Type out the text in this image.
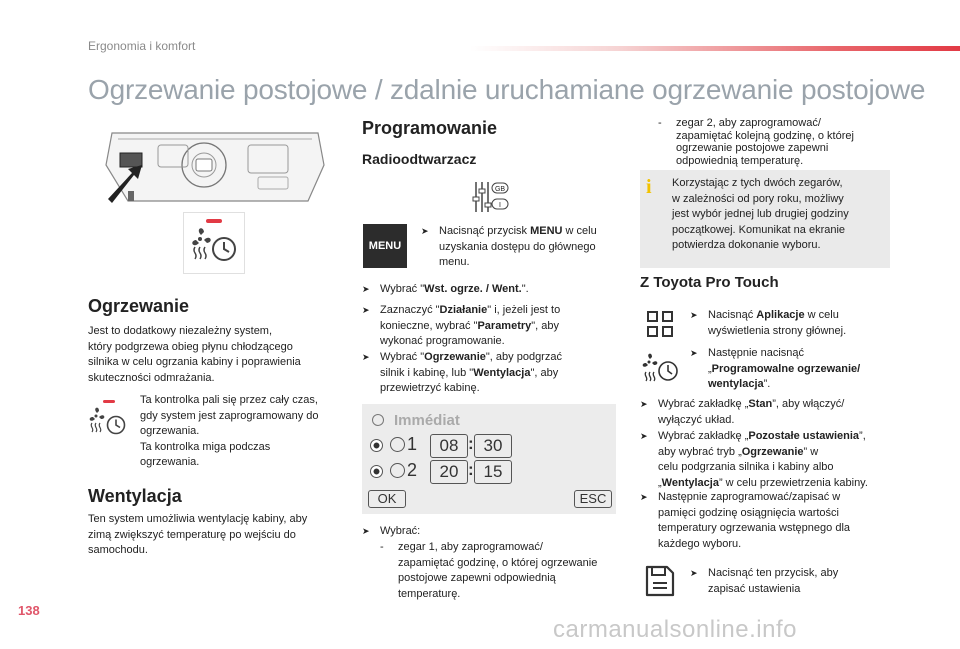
Ergonomia i komfort
Ogrzewanie postojowe / zdalnie uruchamiane ogrzewanie postojowe
Ogrzewanie
Jest to dodatkowy niezależny system,
który podgrzewa obieg płynu chłodzącego
silnika w celu ogrzania kabiny i poprawienia
skuteczności odmrażania.
Ta kontrolka pali się przez cały czas,
gdy system jest zaprogramowany do
ogrzewania.
Ta kontrolka miga podczas
ogrzewania.
Wentylacja
Ten system umożliwia wentylację kabiny, aby
zimą zwiększyć temperaturę po wejściu do
samochodu.
Programowanie
Radioodtwarzacz
GB
I
MENU
➤ Nacisnąć przycisk MENU w celu
uzyskania dostępu do głównego
menu.
➤ Wybrać "Wst. ogrze. / Went.".
➤ Zaznaczyć "Działanie" i, jeżeli jest to
konieczne, wybrać "Parametry", aby
wykonać programowanie.
➤ Wybrać "Ogrzewanie", aby podgrzać
silnik i kabinę, lub "Wentylacja", aby
przewietrzyć kabinę.
Immédiat
1	08 : 30
2	20 : 15
OK	ESC
➤ Wybrać:
- zegar 1, aby zaprogramować/
zapamiętać godzinę, o której ogrzewanie
postojowe zapewni odpowiednią
temperaturę.
- zegar 2, aby zaprogramować/
zapamiętać kolejną godzinę, o której
ogrzewanie postojowe zapewni
odpowiednią temperaturę.
i Korzystając z tych dwóch zegarów,
w zależności od pory roku, możliwy
jest wybór jednej lub drugiej godziny
początkowej. Komunikat na ekranie
potwierdza dokonanie wyboru.
Z Toyota Pro Touch
➤ Nacisnąć Aplikacje w celu
wyświetlenia strony głównej.
➤ Następnie nacisnąć
„Programowalne ogrzewanie/
wentylacja”.
➤ Wybrać zakładkę „Stan”, aby włączyć/
wyłączyć układ.
➤ Wybrać zakładkę „Pozostałe ustawienia”,
aby wybrać tryb „Ogrzewanie” w
celu podgrzania silnika i kabiny albo
„Wentylacja” w celu przewietrzenia kabiny.
➤ Następnie zaprogramować/zapisać w
pamięci godzinę osiągnięcia wartości
temperatury ogrzewania wstępnego dla
każdego wyboru.
➤ Nacisnąć ten przycisk, aby
zapisać ustawienia
138
carmanualsonline.info
